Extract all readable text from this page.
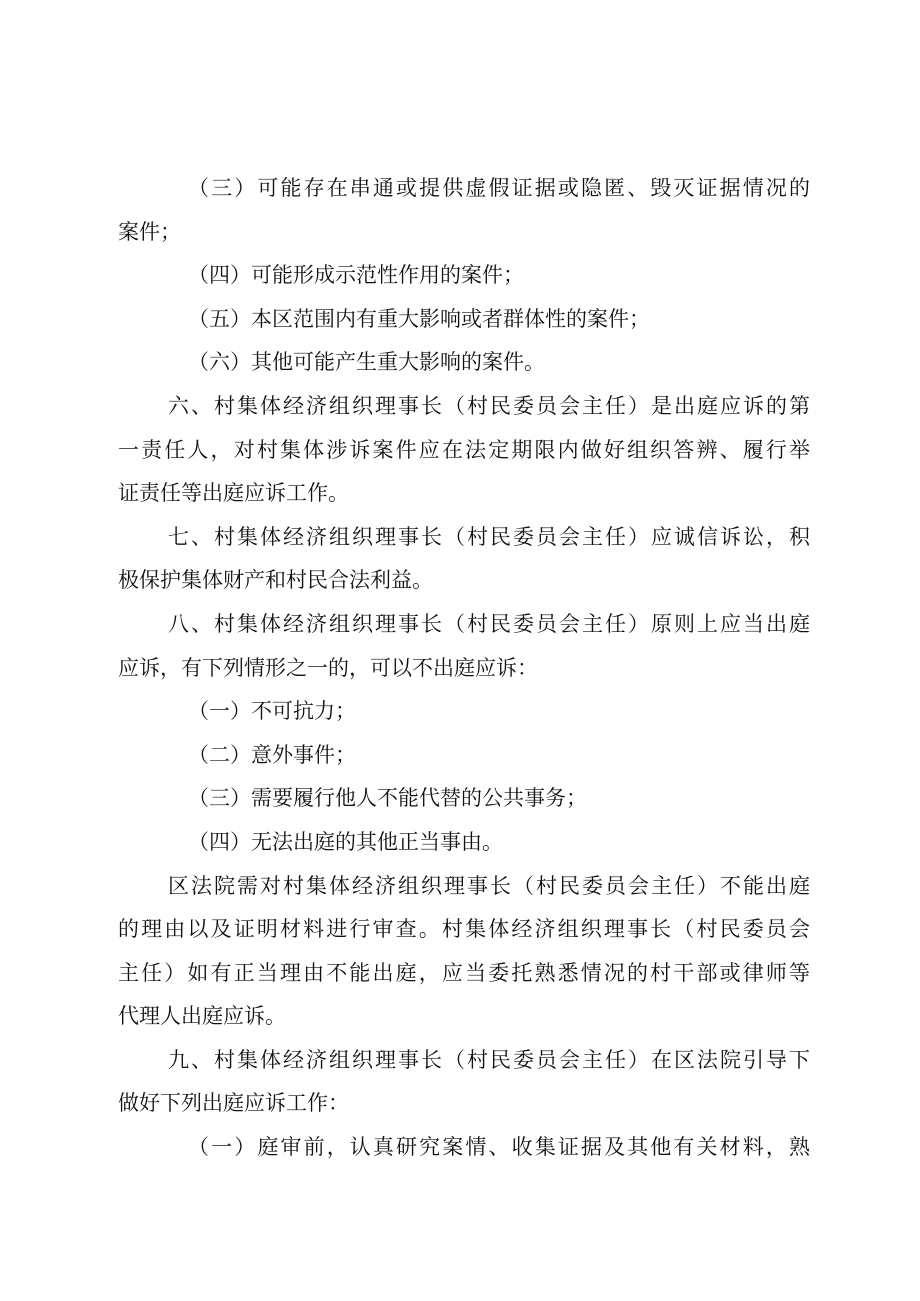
（三）可能存在串通或提供虚假证据或隐匿、毁灭证据情况的
案件；
（四）可能形成示范性作用的案件；
（五）本区范围内有重大影响或者群体性的案件；
（六）其他可能产生重大影响的案件。
六、村集体经济组织理事长（村民委员会主任）是出庭应诉的第
一责任人，对村集体涉诉案件应在法定期限内做好组织答辨、履行举
证责任等出庭应诉工作。
七、村集体经济组织理事长（村民委员会主任）应诚信诉讼，积
极保护集体财产和村民合法利益。
八、村集体经济组织理事长（村民委员会主任）原则上应当出庭
应诉，有下列情形之一的，可以不出庭应诉：
（一）不可抗力；
（二）意外事件；
（三）需要履行他人不能代替的公共事务；
（四）无法出庭的其他正当事由。
区法院需对村集体经济组织理事长（村民委员会主任）不能出庭
的理由以及证明材料进行审查。村集体经济组织理事长（村民委员会
主任）如有正当理由不能出庭，应当委托熟悉情况的村干部或律师等
代理人出庭应诉。
九、村集体经济组织理事长（村民委员会主任）在区法院引导下
做好下列出庭应诉工作：
（一）庭审前，认真研究案情、收集证据及其他有关材料，熟
